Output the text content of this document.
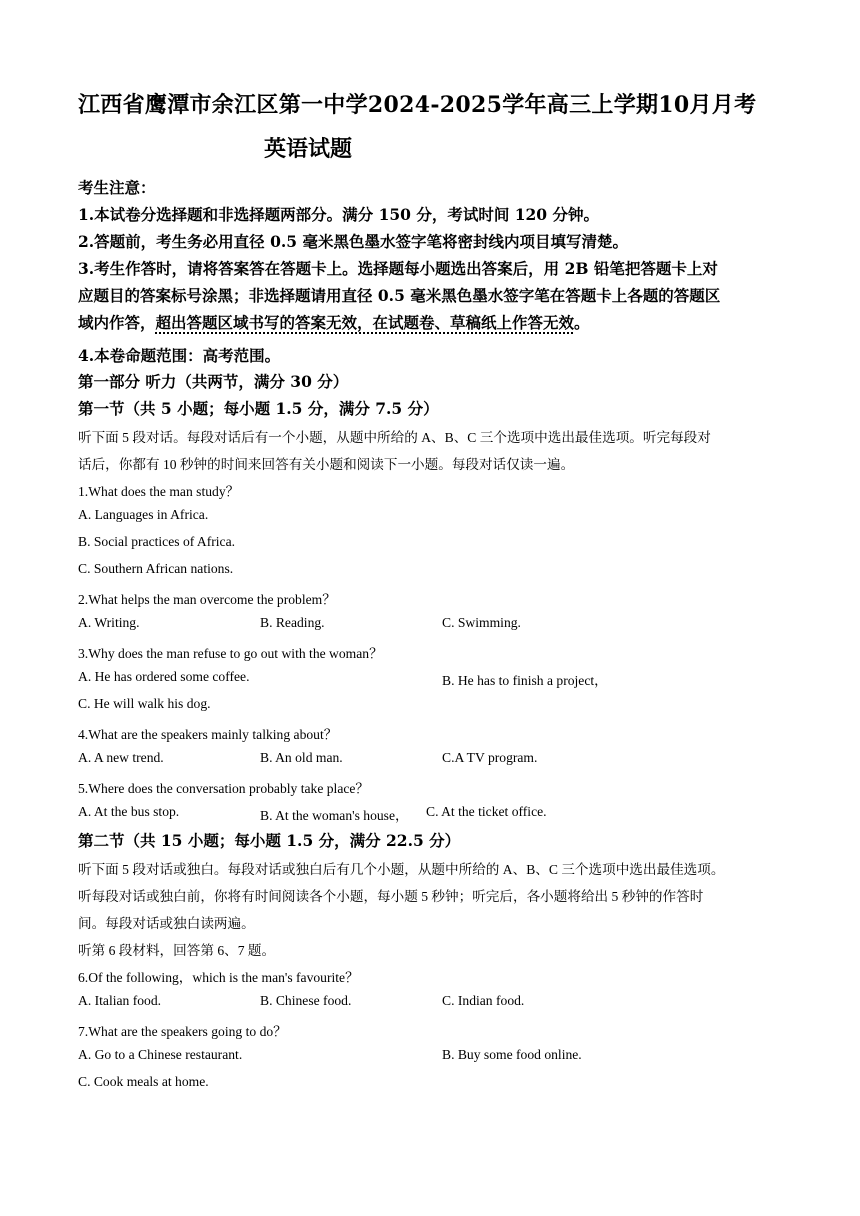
江西省鹰潭市余江区第一中学2024-2025学年高三上学期10月月考
英语试题
考生注意：
1.本试卷分选择题和非选择题两部分。满分 150 分，考试时间 120 分钟。
2.答题前，考生务必用直径 0.5 毫米黑色墨水签字笔将密封线内项目填写清楚。
3.考生作答时，请将答案答在答题卡上。选择题每小题选出答案后，用 2B 铅笔把答题卡上对
应题目的答案标号涂黑；非选择题请用直径 0.5 毫米黑色墨水签字笔在答题卡上各题的答题区
域内作答，超出答题区域书写的答案无效，在试题卷、草稿纸上作答无效。
4.本卷命题范围：高考范围。
第一部分 听力（共两节，满分 30 分）
第一节（共 5 小题；每小题 1.5 分，满分 7.5 分）
听下面 5 段对话。每段对话后有一个小题，从题中所给的 A、B、C 三个选项中选出最佳选项。听完每段对
话后，你都有 10 秒钟的时间来回答有关小题和阅读下一小题。每段对话仅读一遍。
1.What does the man study？
A. Languages in Africa.
B. Social practices of Africa.
C. Southern African nations.
2.What helps the man overcome the problem？
A. Writing.	B. Reading.	C. Swimming.
3.Why does the man refuse to go out with the woman？
A. He has ordered some coffee.	B. He has to finish a project，
C. He will walk his dog.
4.What are the speakers mainly talking about？
A. A new trend.	B. An old man.	C.A TV program.
5.Where does the conversation probably take place？
A. At the bus stop.	B. At the woman's house， C. At the ticket office.
第二节（共 15 小题；每小题 1.5 分，满分 22.5 分）
听下面 5 段对话或独白。每段对话或独白后有几个小题，从题中所给的 A、B、C 三个选项中选出最佳选项。
听每段对话或独白前，你将有时间阅读各个小题，每小题 5 秒钟；听完后，各小题将给出 5 秒钟的作答时
间。每段对话或独白读两遍。
听第 6 段材料，回答第 6、7 题。
6.Of the following，which is the man's favourite？
A. Italian food.	B. Chinese food.	C. Indian food.
7.What are the speakers going to do？
A. Go to a Chinese restaurant.	B. Buy some food online.
C. Cook meals at home.
